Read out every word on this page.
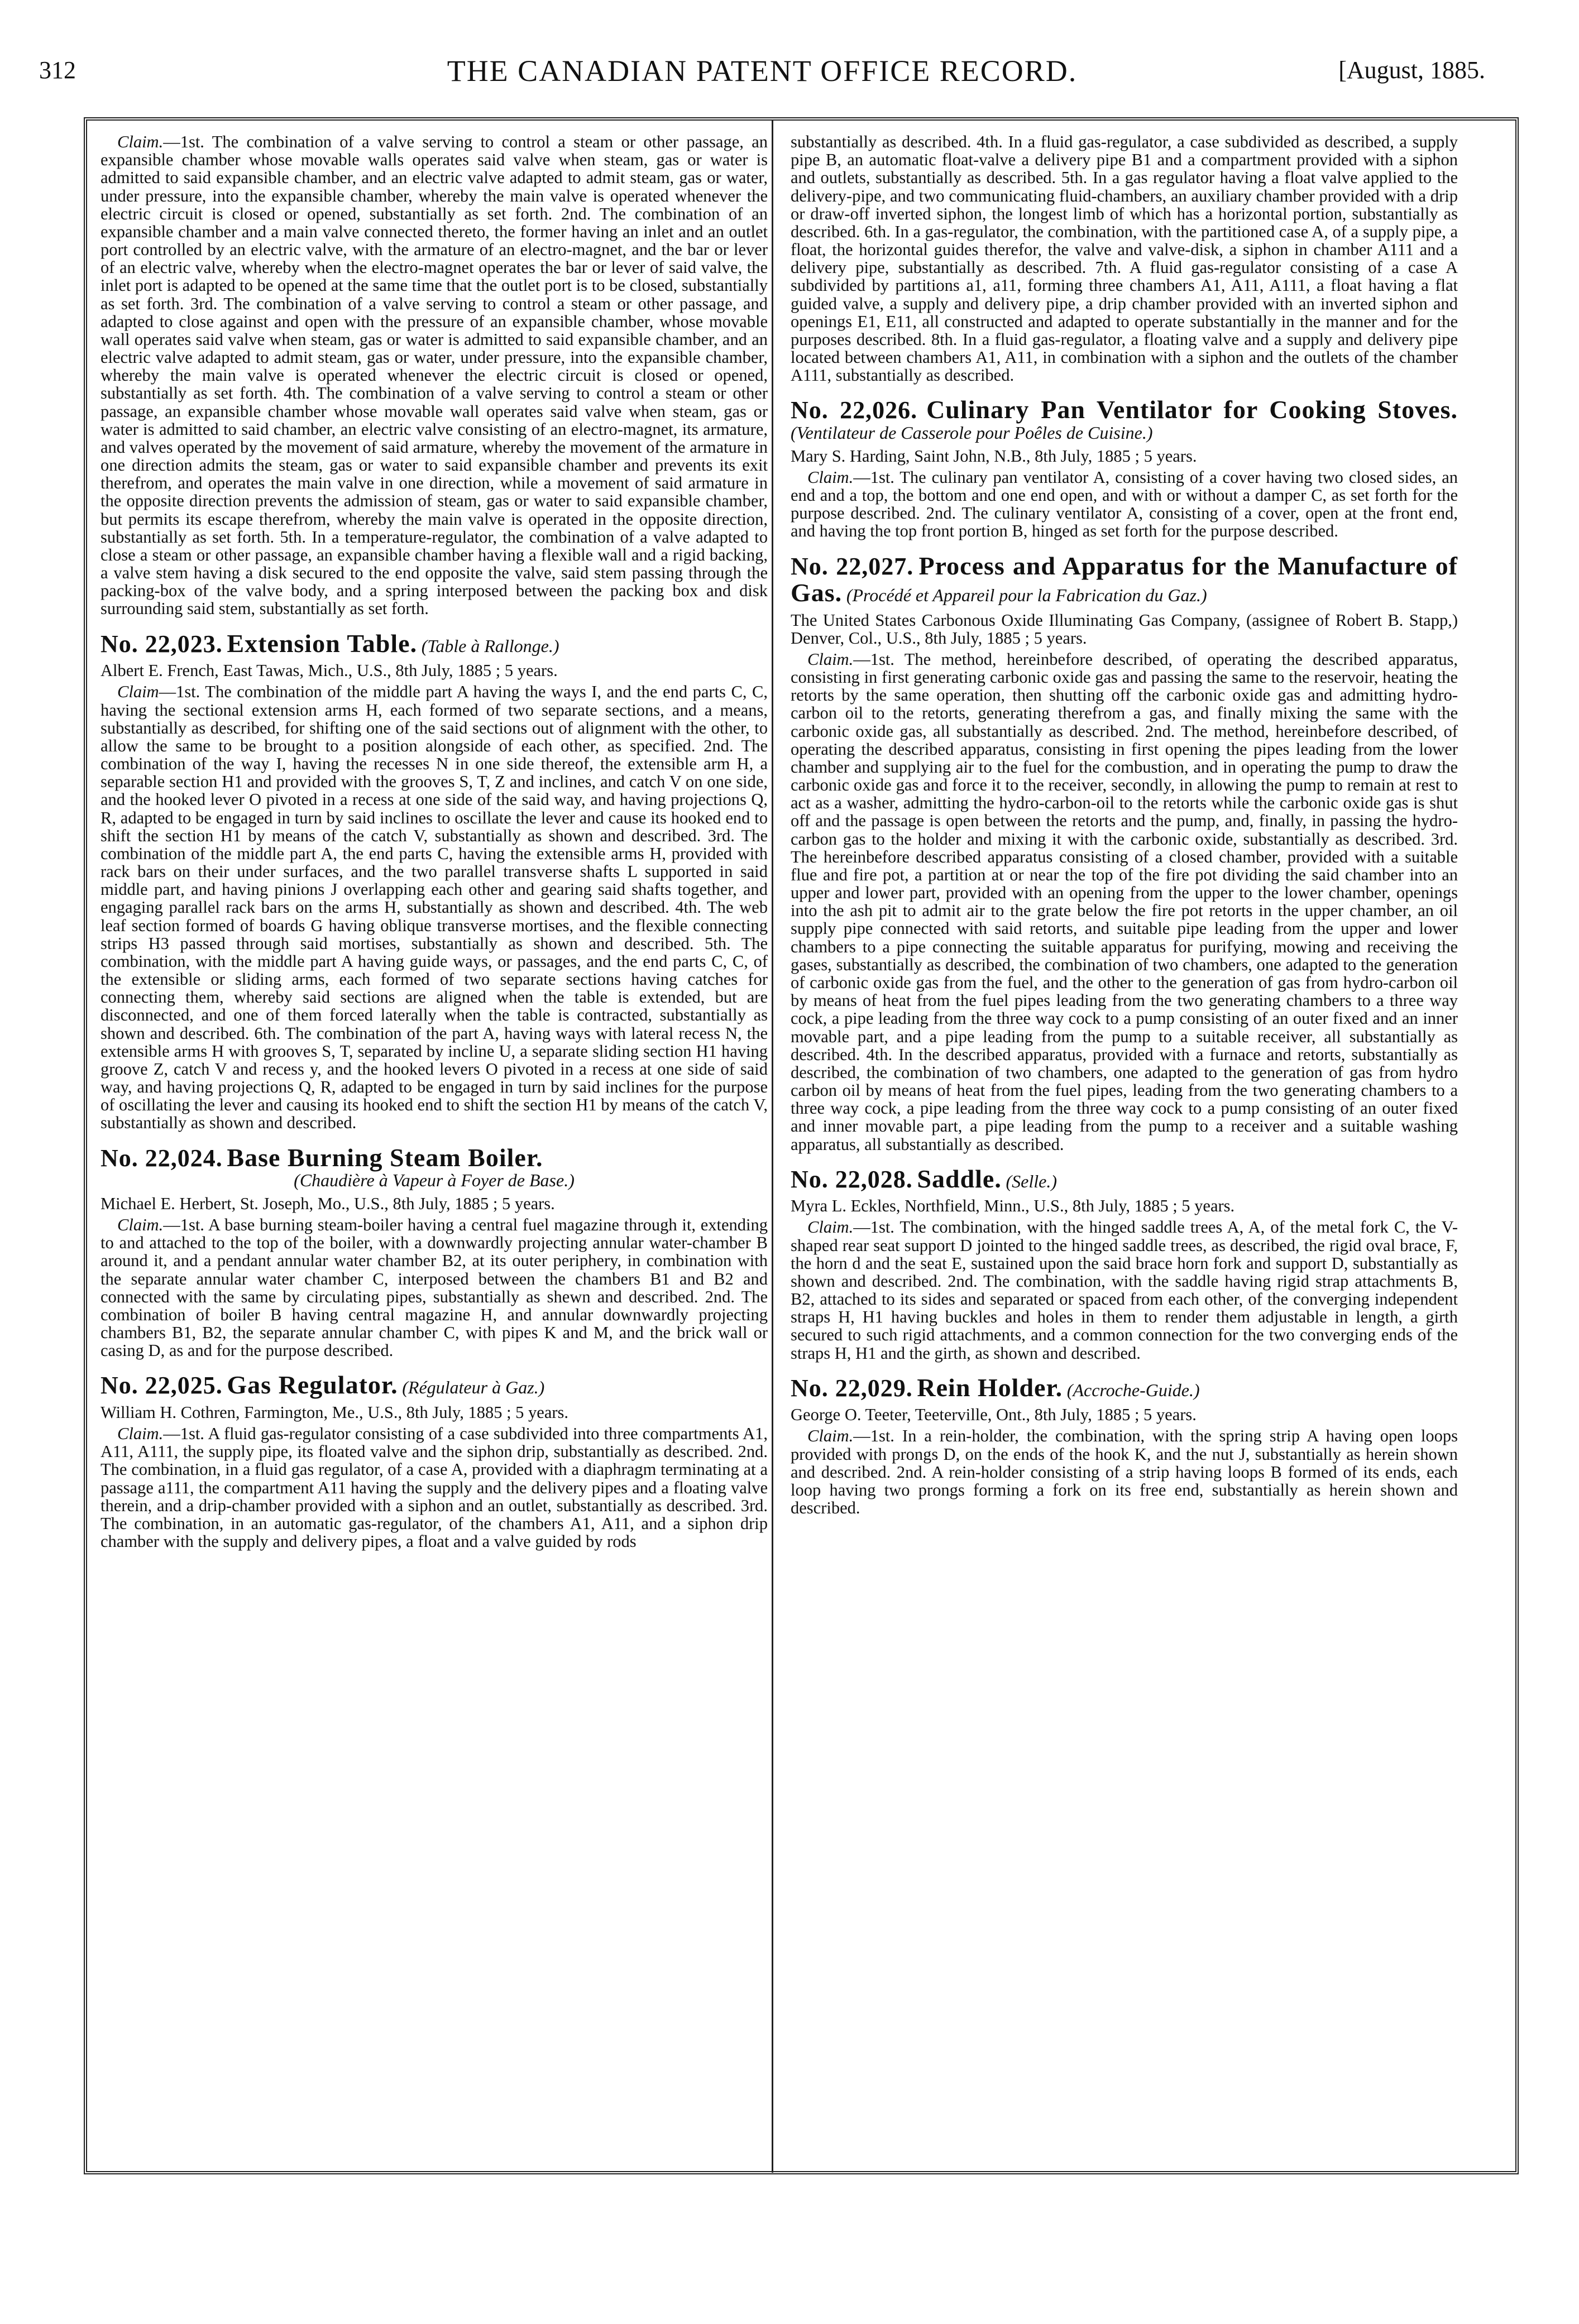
312	THE CANADIAN PATENT OFFICE RECORD.	[August, 1885.

Claim.—1st. The combination of a valve serving to control a steam or other passage, an expansible chamber whose movable walls operates said valve when steam, gas or water is admitted to said expansible chamber, and an electric valve adapted to admit steam, gas or water, under pressure, into the expansible chamber, whereby the main valve is operated whenever the electric circuit is closed or opened, substantially as set forth. 2nd. The combination of an expansible chamber and a main valve connected thereto, the former having an inlet and an outlet port controlled by an electric valve, with the armature of an electro-magnet, and the bar or lever of an electric valve, whereby when the electro-magnet operates the bar or lever of said valve, the inlet port is adapted to be opened at the same time that the outlet port is to be closed, substantially as set forth. 3rd. The combination of a valve serving to control a steam or other passage, and adapted to close against and open with the pressure of an expansible chamber, whose movable wall operates said valve when steam, gas or water is admitted to said expansible chamber, and an electric valve adapted to admit steam, gas or water, under pressure, into the expansible chamber, whereby the main valve is operated whenever the electric circuit is closed or opened, substantially as set forth. 4th. The combination of a valve serving to control a steam or other passage, an expansible chamber whose movable wall operates said valve when steam, gas or water is admitted to said chamber, an electric valve consisting of an electro-magnet, its armature, and valves operated by the movement of said armature, whereby the movement of the armature in one direction admits the steam, gas or water to said expansible chamber and prevents its exit therefrom, and operates the main valve in one direction, while a movement of said armature in the opposite direction prevents the admission of steam, gas or water to said expansible chamber, but permits its escape therefrom, whereby the main valve is operated in the opposite direction, substantially as set forth. 5th. In a temperature-regulator, the combination of a valve adapted to close a steam or other passage, an expansible chamber having a flexible wall and a rigid backing, a valve stem having a disk secured to the end opposite the valve, said stem passing through the packing-box of the valve body, and a spring interposed between the packing box and disk surrounding said stem, substantially as set forth.

No. 22,023. Extension Table. (Table à Rallonge.)
Albert E. French, East Tawas, Mich., U.S., 8th July, 1885 ; 5 years.

Claim—1st. The combination of the middle part A having the ways I, and the end parts C, C, having the sectional extension arms H, each formed of two separate sections, and a means, substantially as described, for shifting one of the said sections out of alignment with the other, to allow the same to be brought to a position alongside of each other, as specified. 2nd. The combination of the way I, having the recesses N in one side thereof, the extensible arm H, a separable section H1 and provided with the grooves S, T, Z and inclines, and catch V on one side, and the hooked lever O pivoted in a recess at one side of the said way, and having projections Q, R, adapted to be engaged in turn by said inclines to oscillate the lever and cause its hooked end to shift the section H1 by means of the catch V, substantially as shown and described. 3rd. The combination of the middle part A, the end parts C, having the extensible arms H, provided with rack bars on their under surfaces, and the two parallel transverse shafts L supported in said middle part, and having pinions J overlapping each other and gearing said shafts together, and engaging parallel rack bars on the arms H, substantially as shown and described. 4th. The web leaf section formed of boards G having oblique transverse mortises, and the flexible connecting strips H3 passed through said mortises, substantially as shown and described. 5th. The combination, with the middle part A having guide ways, or passages, and the end parts C, C, of the extensible or sliding arms, each formed of two separate sections having catches for connecting them, whereby said sections are aligned when the table is extended, but are disconnected, and one of them forced laterally when the table is contracted, substantially as shown and described. 6th. The combination of the part A, having ways with lateral recess N, the extensible arms H with grooves S, T, separated by incline U, a separate sliding section H1 having groove Z, catch V and recess y, and the hooked levers O pivoted in a recess at one side of said way, and having projections Q, R, adapted to be engaged in turn by said inclines for the purpose of oscillating the lever and causing its hooked end to shift the section H1 by means of the catch V, substantially as shown and described.

No. 22,024. Base Burning Steam Boiler.
(Chaudière à Vapeur à Foyer de Base.)
Michael E. Herbert, St. Joseph, Mo., U.S., 8th July, 1885 ; 5 years.

Claim.—1st. A base burning steam-boiler having a central fuel magazine through it, extending to and attached to the top of the boiler, with a downwardly projecting annular water-chamber B around it, and a pendant annular water chamber B2, at its outer periphery, in combination with the separate annular water chamber C, interposed between the chambers B1 and B2 and connected with the same by circulating pipes, substantially as shewn and described. 2nd. The combination of boiler B having central magazine H, and annular downwardly projecting chambers B1, B2, the separate annular chamber C, with pipes K and M, and the brick wall or casing D, as and for the purpose described.

No. 22,025. Gas Regulator. (Régulateur à Gaz.)
William H. Cothren, Farmington, Me., U.S., 8th July, 1885 ; 5 years.

Claim.—1st. A fluid gas-regulator consisting of a case subdivided into three compartments A1, A11, A111, the supply pipe, its floated valve and the siphon drip, substantially as described. 2nd. The combination, in a fluid gas regulator, of a case A, provided with a diaphragm terminating at a passage a111, the compartment A11 having the supply and the delivery pipes and a floating valve therein, and a drip-chamber provided with a siphon and an outlet, substantially as described. 3rd. The combination, in an automatic gas-regulator, of the chambers A1, A11, and a siphon drip chamber with the supply and delivery pipes, a float and a valve guided by rods

substantially as described. 4th. In a fluid gas-regulator, a case subdivided as described, a supply pipe B, an automatic float-valve a delivery pipe B1 and a compartment provided with a siphon and outlets, substantially as described. 5th. In a gas regulator having a float valve applied to the delivery-pipe, and two communicating fluid-chambers, an auxiliary chamber provided with a drip or draw-off inverted siphon, the longest limb of which has a horizontal portion, substantially as described. 6th. In a gas-regulator, the combination, with the partitioned case A, of a supply pipe, a float, the horizontal guides therefor, the valve and valve-disk, a siphon in chamber A111 and a delivery pipe, substantially as described. 7th. A fluid gas-regulator consisting of a case A subdivided by partitions a1, a11, forming three chambers A1, A11, A111, a float having a flat guided valve, a supply and delivery pipe, a drip chamber provided with an inverted siphon and openings E1, E11, all constructed and adapted to operate substantially in the manner and for the purposes described. 8th. In a fluid gas-regulator, a floating valve and a supply and delivery pipe located between chambers A1, A11, in combination with a siphon and the outlets of the chamber A111, substantially as described.

No. 22,026. Culinary Pan Ventilator for Cooking Stoves. (Ventilateur de Casserole pour Poêles de Cuisine.)
Mary S. Harding, Saint John, N.B., 8th July, 1885 ; 5 years.

Claim.—1st. The culinary pan ventilator A, consisting of a cover having two closed sides, an end and a top, the bottom and one end open, and with or without a damper C, as set forth for the purpose described. 2nd. The culinary ventilator A, consisting of a cover, open at the front end, and having the top front portion B, hinged as set forth for the purpose described.

No. 22,027. Process and Apparatus for the Manufacture of Gas. (Procédé et Appareil pour la Fabrication du Gaz.)
The United States Carbonous Oxide Illuminating Gas Company, (assignee of Robert B. Stapp,) Denver, Col., U.S., 8th July, 1885 ; 5 years.

Claim.—1st. The method, hereinbefore described, of operating the described apparatus, consisting in first generating carbonic oxide gas and passing the same to the reservoir, heating the retorts by the same operation, then shutting off the carbonic oxide gas and admitting hydro-carbon oil to the retorts, generating therefrom a gas, and finally mixing the same with the carbonic oxide gas, all substantially as described. 2nd. The method, hereinbefore described, of operating the described apparatus, consisting in first opening the pipes leading from the lower chamber and supplying air to the fuel for the combustion, and in operating the pump to draw the carbonic oxide gas and force it to the receiver, secondly, in allowing the pump to remain at rest to act as a washer, admitting the hydro-carbon-oil to the retorts while the carbonic oxide gas is shut off and the passage is open between the retorts and the pump, and, finally, in passing the hydro-carbon gas to the holder and mixing it with the carbonic oxide, substantially as described. 3rd. The hereinbefore described apparatus consisting of a closed chamber, provided with a suitable flue and fire pot, a partition at or near the top of the fire pot dividing the said chamber into an upper and lower part, provided with an opening from the upper to the lower chamber, openings into the ash pit to admit air to the grate below the fire pot retorts in the upper chamber, an oil supply pipe connected with said retorts, and suitable pipe leading from the upper and lower chambers to a pipe connecting the suitable apparatus for purifying, mowing and receiving the gases, substantially as described, the combination of two chambers, one adapted to the generation of carbonic oxide gas from the fuel, and the other to the generation of gas from hydro-carbon oil by means of heat from the fuel pipes leading from the two generating chambers to a three way cock, a pipe leading from the three way cock to a pump consisting of an outer fixed and an inner movable part, and a pipe leading from the pump to a suitable receiver, all substantially as described. 4th. In the described apparatus, provided with a furnace and retorts, substantially as described, the combination of two chambers, one adapted to the generation of gas from hydro carbon oil by means of heat from the fuel pipes, leading from the two generating chambers to a three way cock, a pipe leading from the three way cock to a pump consisting of an outer fixed and inner movable part, a pipe leading from the pump to a receiver and a suitable washing apparatus, all substantially as described.

No. 22,028. Saddle. (Selle.)
Myra L. Eckles, Northfield, Minn., U.S., 8th July, 1885 ; 5 years.

Claim.—1st. The combination, with the hinged saddle trees A, A, of the metal fork C, the V-shaped rear seat support D jointed to the hinged saddle trees, as described, the rigid oval brace, F, the horn d and the seat E, sustained upon the said brace horn fork and support D, substantially as shown and described. 2nd. The combination, with the saddle having rigid strap attachments B, B2, attached to its sides and separated or spaced from each other, of the converging independent straps H, H1 having buckles and holes in them to render them adjustable in length, a girth secured to such rigid attachments, and a common connection for the two converging ends of the straps H, H1 and the girth, as shown and described.

No. 22,029. Rein Holder. (Accroche-Guide.)
George O. Teeter, Teeterville, Ont., 8th July, 1885 ; 5 years.

Claim.—1st. In a rein-holder, the combination, with the spring strip A having open loops provided with prongs D, on the ends of the hook K, and the nut J, substantially as herein shown and described. 2nd. A rein-holder consisting of a strip having loops B formed of its ends, each loop having two prongs forming a fork on its free end, substantially as herein shown and described.
